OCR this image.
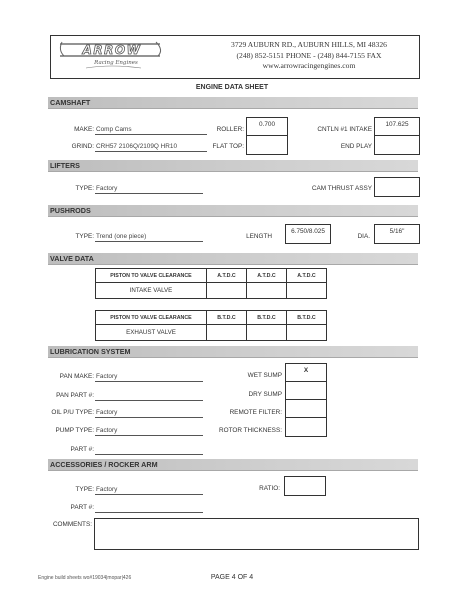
ARROW
Racing Engines
3729 AUBURN RD., AUBURN HILLS, MI 48326
(248) 852-5151 PHONE - (248) 844-7155 FAX
www.arrowracingengines.com
ENGINE DATA SHEET
CAMSHAFT
MAKE: Comp Cams
GRIND: CRH57 2106Q/2109Q HR10
ROLLER:
0.700
FLAT TOP:
CNTLN #1 INTAKE
107.625
END PLAY
LIFTERS
TYPE: Factory	CAM THRUST ASSY
PUSHRODS
TYPE: Trend (one piece)	LENGTH
6.750/8.025
DIA.
5/16"
VALVE DATA
PISTON TO VALVE CLEARANCE	A.T.D.C	A.T.D.C	A.T.D.C
INTAKE VALVE			
PISTON TO VALVE CLEARANCE	B.T.D.C	B.T.D.C	B.T.D.C
EXHAUST VALVE			
LUBRICATION SYSTEM
PAN MAKE: Factory
PAN PART #:
OIL P/U TYPE: Factory
PUMP TYPE: Factory
PART #:
WET SUMP
X
DRY SUMP
REMOTE FILTER:
ROTOR THICKNESS:
ACCESSORIES / ROCKER ARM
TYPE: Factory
PART #:
RATIO:
COMMENTS:
Engine build sheets wo#19034|mopar|426	PAGE 4 OF 4
